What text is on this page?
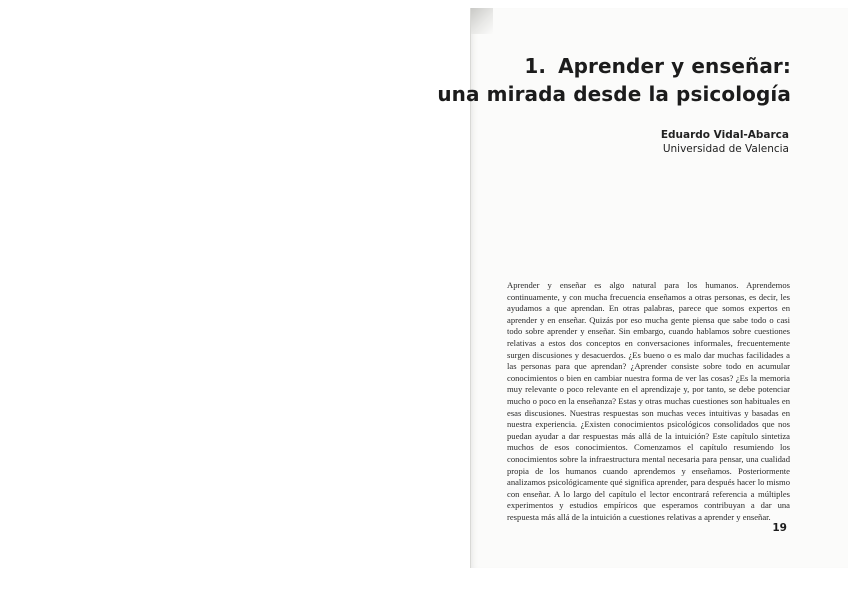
1. Aprender y enseñar:
una mirada desde la psicología
Eduardo Vidal-Abarca
Universidad de Valencia

Aprender y enseñar es algo natural para los humanos. Aprendemos continuamente, y con mucha frecuencia enseñamos a otras personas, es decir, les ayudamos a que aprendan. En otras palabras, parece que somos expertos en aprender y en enseñar. Quizás por eso mucha gente piensa que sabe todo o casi todo sobre aprender y enseñar. Sin embargo, cuando hablamos sobre cuestiones relativas a estos dos conceptos en conversaciones informales, frecuentemente surgen discusiones y desacuerdos. ¿Es bueno o es malo dar muchas facilidades a las personas para que aprendan? ¿Aprender consiste sobre todo en acumular conocimientos o bien en cambiar nuestra forma de ver las cosas? ¿Es la memoria muy relevante o poco relevante en el aprendizaje y, por tanto, se debe potenciar mucho o poco en la enseñanza? Estas y otras muchas cuestiones son habituales en esas discusiones. Nuestras respuestas son muchas veces intuitivas y basadas en nuestra experiencia. ¿Existen conocimientos psicológicos consolidados que nos puedan ayudar a dar respuestas más allá de la intuición? Este capítulo sintetiza muchos de esos conocimientos. Comenzamos el capítulo resumiendo los conocimientos sobre la infraestructura mental necesaria para pensar, una cualidad propia de los humanos cuando aprendemos y enseñamos. Posteriormente analizamos psicológicamente qué significa aprender, para después hacer lo mismo con enseñar. A lo largo del capítulo el lector encontrará referencia a múltiples experimentos y estudios empíricos que esperamos contribuyan a dar una respuesta más allá de la intuición a cuestiones relativas a aprender y enseñar.

19
